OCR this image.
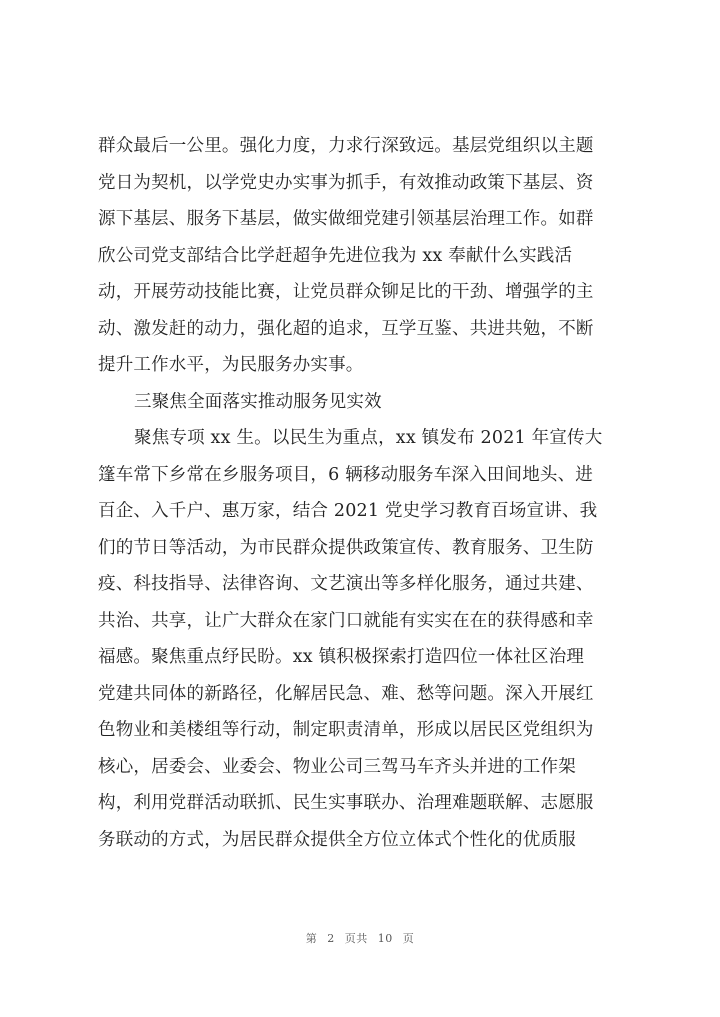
群众最后一公里。强化力度，力求行深致远。基层党组织以主题
党日为契机，以学党史办实事为抓手，有效推动政策下基层、资
源下基层、服务下基层，做实做细党建引领基层治理工作。如群
欣公司党支部结合比学赶超争先进位我为 xx 奉献什么实践活
动，开展劳动技能比赛，让党员群众铆足比的干劲、增强学的主
动、激发赶的动力，强化超的追求，互学互鉴、共进共勉，不断
提升工作水平，为民服务办实事。
三聚焦全面落实推动服务见实效
聚焦专项 xx 生。以民生为重点，xx 镇发布 2021 年宣传大
篷车常下乡常在乡服务项目，6 辆移动服务车深入田间地头、进
百企、入千户、惠万家，结合 2021 党史学习教育百场宣讲、我
们的节日等活动，为市民群众提供政策宣传、教育服务、卫生防
疫、科技指导、法律咨询、文艺演出等多样化服务，通过共建、
共治、共享，让广大群众在家门口就能有实实在在的获得感和幸
福感。聚焦重点纾民盼。xx 镇积极探索打造四位一体社区治理
党建共同体的新路径，化解居民急、难、愁等问题。深入开展红
色物业和美楼组等行动，制定职责清单，形成以居民区党组织为
核心，居委会、业委会、物业公司三驾马车齐头并进的工作架
构，利用党群活动联抓、民生实事联办、治理难题联解、志愿服
务联动的方式，为居民群众提供全方位立体式个性化的优质服
第 2 页共 10 页
